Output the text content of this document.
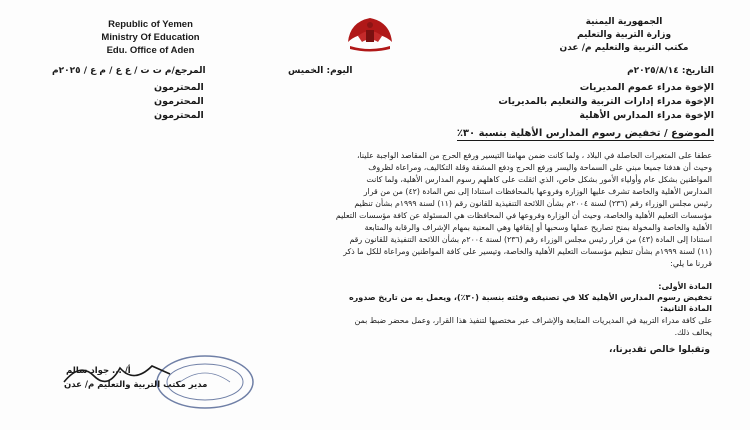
Republic of Yemen
Ministry Of Education
Edu. Office of Aden
الجمهورية اليمنية
وزارة التربية والتعليم
مكتب التربية والتعليم م/ عدن
المرجع/م ت ت / ع ع / م ع / ٢٠٢٥م	اليوم: الخميس	التاريخ: ٢٠٢٥/٨/١٤م
الإخوة مدراء عموم المديريات
المحترمون
الإخوة مدراء إدارات التربية والتعليم بالمديريات
المحترمون
الإخوة مدراء المدارس الأهلية
المحترمون
الموضوع / تخفيض رسوم المدارس الأهلية بنسبة ٣٠٪

عطفا على المتغيرات الحاصلة في البلاد ، ولما كانت ضمن مهامنا التيسير ورفع الحرج من المقاصد الواجبة علينا،

وحيث أن هدفنا جميعا مبني على السماحة واليسر ورفع الحرج ودفع المشقة وقلة التكاليف، ومراعاة لظروف

المواطنين بشكل عام وأولياء الأمور بشكل خاص، الذي اثقلت على كاهلهم رسوم المدارس الأهلية، ولما كانت

المدارس الأهلية والخاصة تشرف عليها الوزارة وفروعها بالمحافظات استنادا إلى نص المادة (٤٢) من من قرار

رئيس مجلس الوزراء رقم (٢٣٦) لسنة ٢٠٠٤م بشأن اللائحة التنفيذية للقانون رقم (١١) لسنة ١٩٩٩م بشأن تنظيم

مؤسسات التعليم الأهلية والخاصة، وحيث أن الوزارة وفروعها في المحافظات هي المسئولة عن كافة مؤسسات التعليم

الأهلية والخاصة والمخولة بمنح تصاريح عملها وسحبها أو إيقافها وهي المعنية بمهام الإشراف والرقابة والمتابعة

استنادا إلى المادة (٤٣) من قرار رئيس مجلس الوزراء رقم (٢٣٦) لسنة ٢٠٠٤م بشأن اللائحة التنفيذية للقانون رقم

(١١) لسنة ١٩٩٩م بشأن تنظيم مؤسسات التعليم الأهلية والخاصة، وتيسير على كافة المواطنين ومراعاة للكل ما ذكر

قررنا ما يلي:

المادة الأولى:
تخفيض رسوم المدارس الأهلية كلا في تصنيفه وفئته بنسبة (٣٠٪)، ويعمل به من تاريخ صدوره
المادة الثانية:
على كافة مدراء التربية في المديريات المتابعة والإشراف عبر مختصيها لتنفيذ هذا القرار، وعمل محضر ضبط بمن
يخالف ذلك.
وتقبلوا خالص تقديرنا،،
أ/ ... جواد سالم
مدير مكتب التربية والتعليم م/ عدن
